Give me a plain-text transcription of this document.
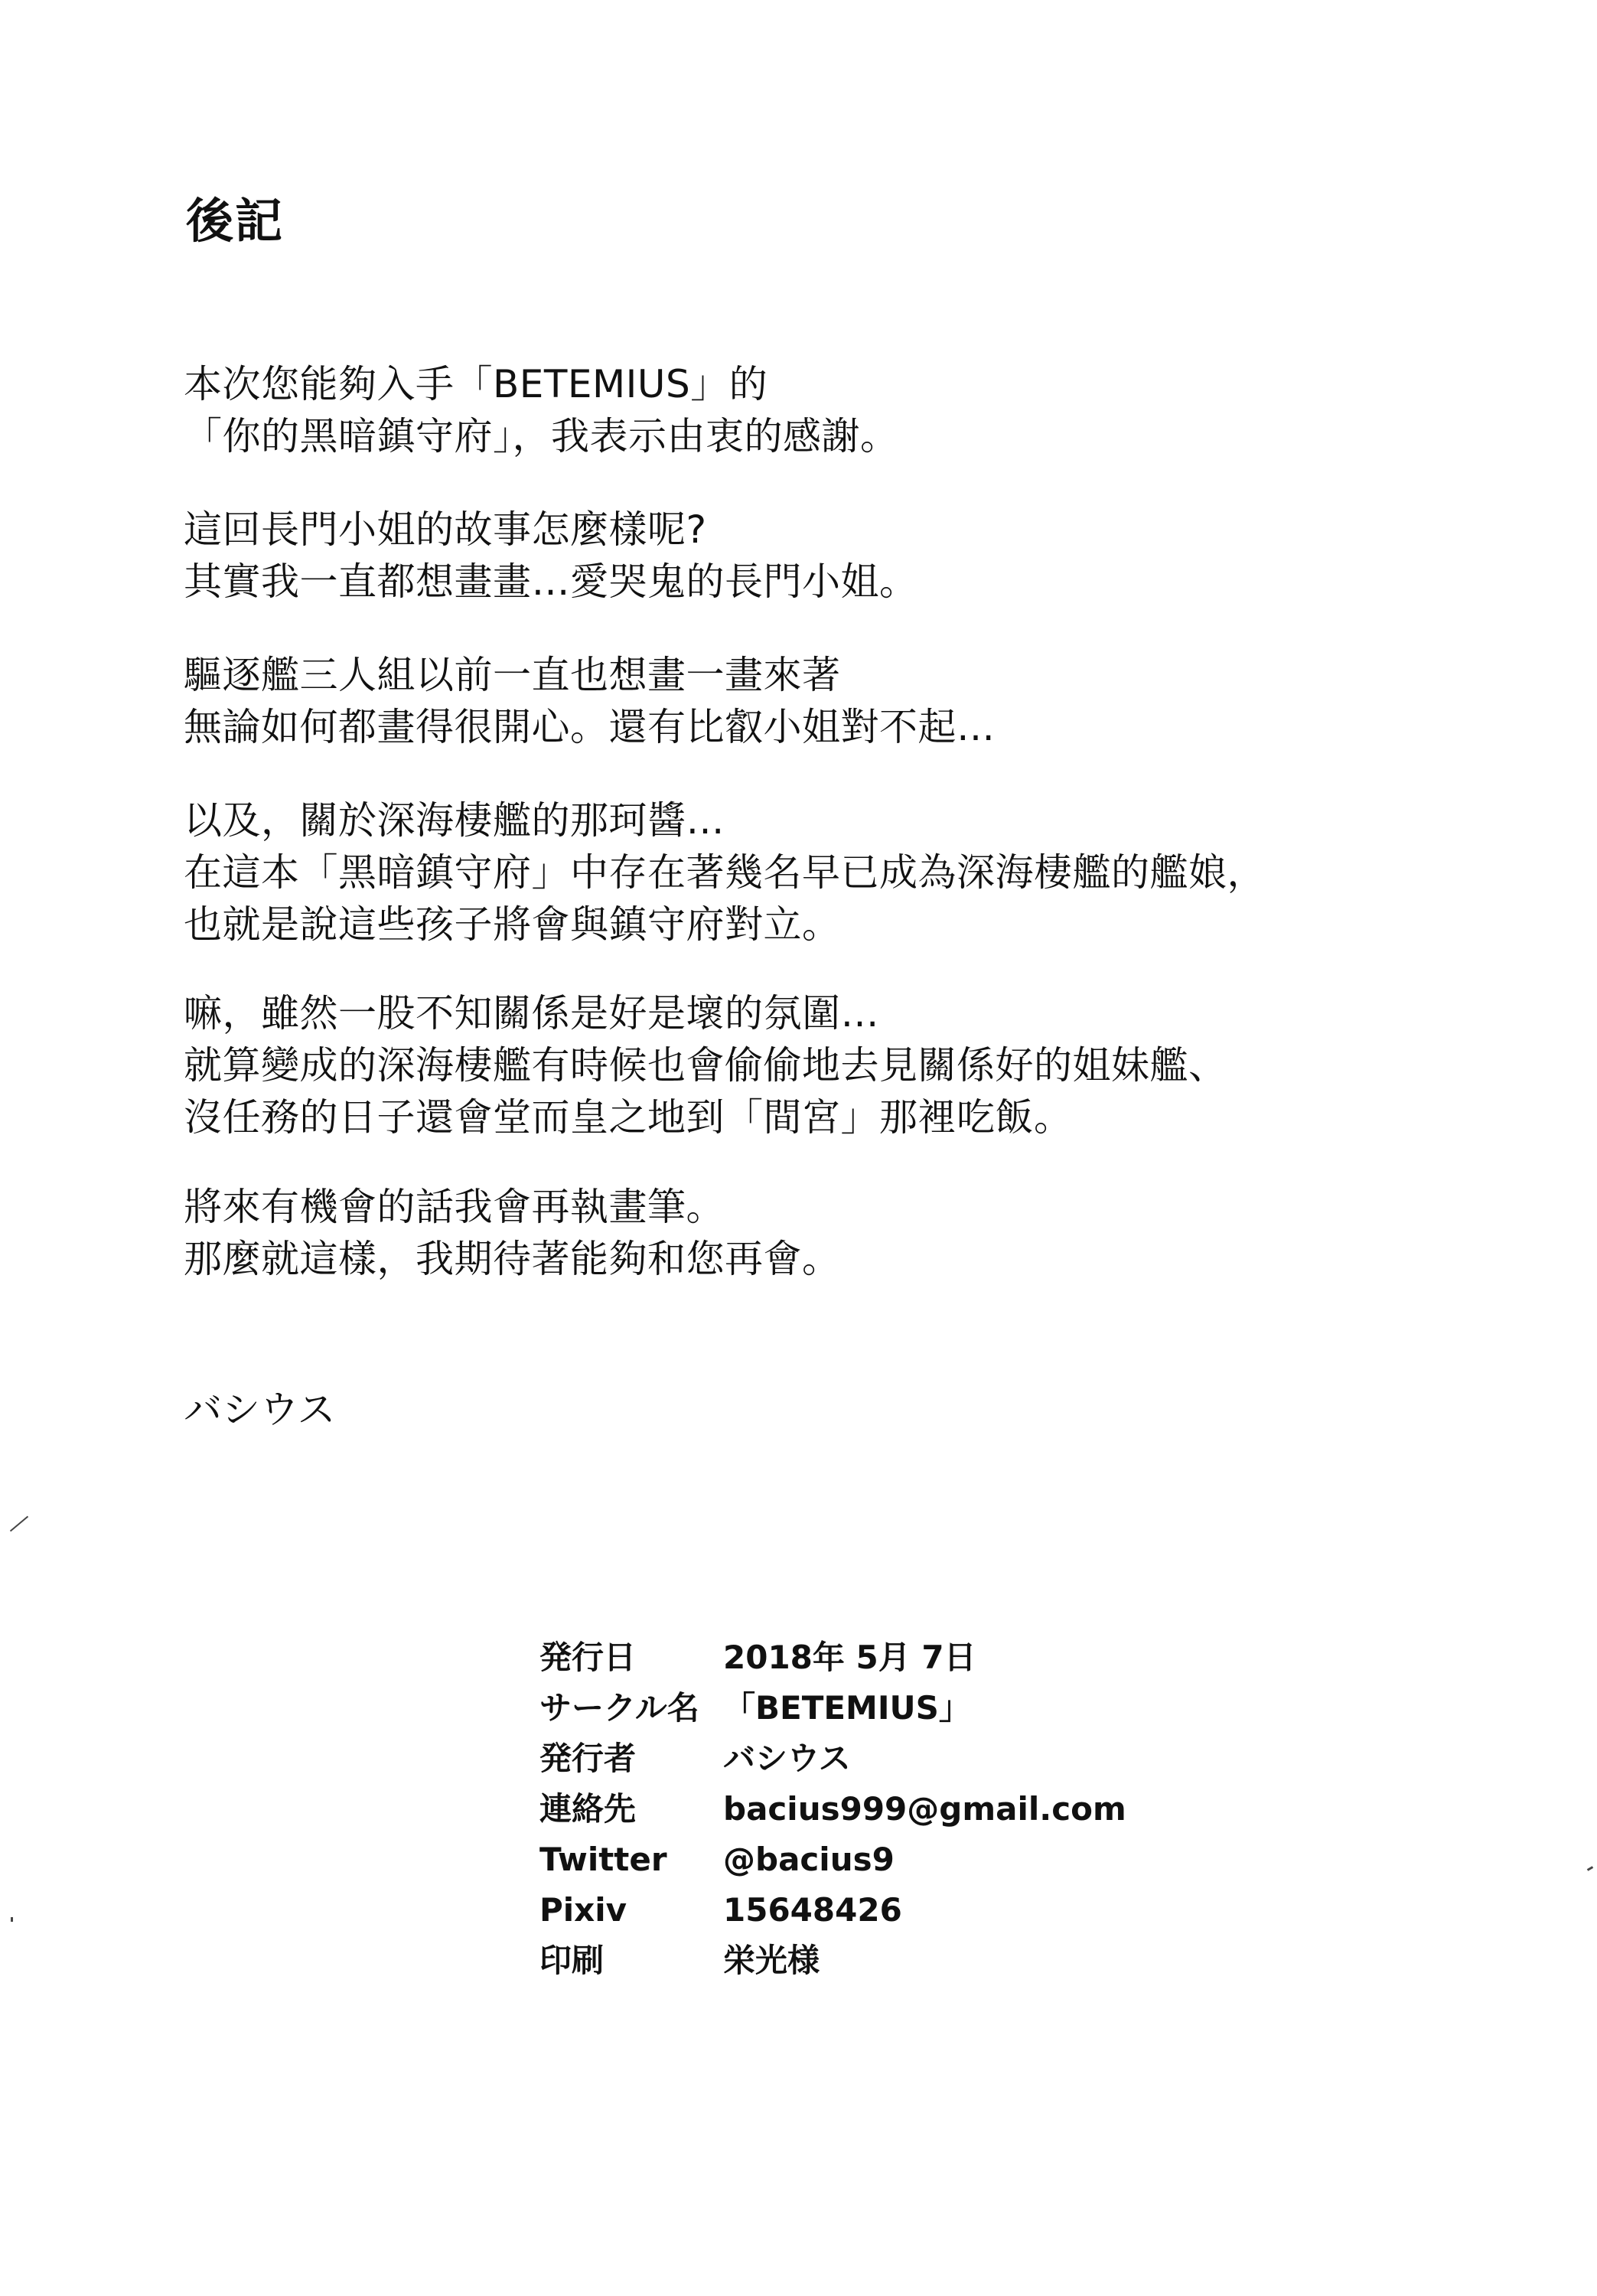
後記
本次您能夠入手「BETEMIUS」的
「你的黑暗鎮守府」，我表示由衷的感謝。
這回長門小姐的故事怎麼樣呢?
其實我一直都想畫畫…愛哭鬼的長門小姐。
驅逐艦三人組以前一直也想畫一畫來著
無論如何都畫得很開心。還有比叡小姐對不起…
以及，關於深海棲艦的那珂醬…
在這本「黑暗鎮守府」中存在著幾名早已成為深海棲艦的艦娘，
也就是說這些孩子將會與鎮守府對立。
嘛，雖然一股不知關係是好是壞的氛圍…
就算變成的深海棲艦有時候也會偷偷地去見關係好的姐妹艦、
沒任務的日子還會堂而皇之地到「間宮」那裡吃飯。
將來有機會的話我會再執畫筆。
那麼就這樣，我期待著能夠和您再會。
バシウス
発行日	2018年 5月 7日
サークル名 「BETEMIUS」
発行者	バシウス
連絡先	bacius999@gmail.com
Twitter @bacius9
Pixiv	15648426
印刷	栄光様
